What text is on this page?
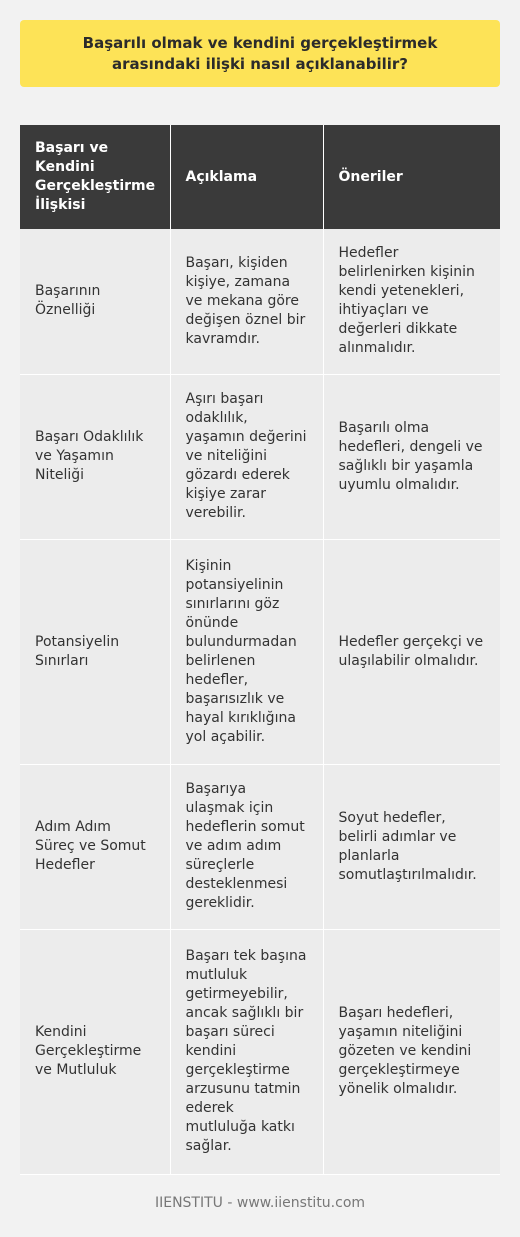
Başarılı olmak ve kendini gerçekleştirmek arasındaki ilişki nasıl açıklanabilir?
Başarı ve Kendini Gerçekleştirme İlişkisi	Açıklama	Öneriler
Başarının Öznelliği	Başarı, kişiden kişiye, zamana ve mekana göre değişen öznel bir kavramdır.	Hedefler belirlenirken kişinin kendi yetenekleri, ihtiyaçları ve değerleri dikkate alınmalıdır.
Başarı Odaklılık ve Yaşamın Niteliği	Aşırı başarı odaklılık, yaşamın değerini ve niteliğini gözardı ederek kişiye zarar verebilir.	Başarılı olma hedefleri, dengeli ve sağlıklı bir yaşamla uyumlu olmalıdır.
Potansiyelin Sınırları	Kişinin potansiyelinin sınırlarını göz önünde bulundurmadan belirlenen hedefler, başarısızlık ve hayal kırıklığına yol açabilir.	Hedefler gerçekçi ve ulaşılabilir olmalıdır.
Adım Adım Süreç ve Somut Hedefler	Başarıya ulaşmak için hedeflerin somut ve adım adım süreçlerle desteklenmesi gereklidir.	Soyut hedefler, belirli adımlar ve planlarla somutlaştırılmalıdır.
Kendini Gerçekleştirme ve Mutluluk	Başarı tek başına mutluluk getirmeyebilir, ancak sağlıklı bir başarı süreci kendini gerçekleştirme arzusunu tatmin ederek mutluluğa katkı sağlar.	Başarı hedefleri, yaşamın niteliğini gözeten ve kendini gerçekleştirmeye yönelik olmalıdır.
IIENSTITU - www.iienstitu.com
